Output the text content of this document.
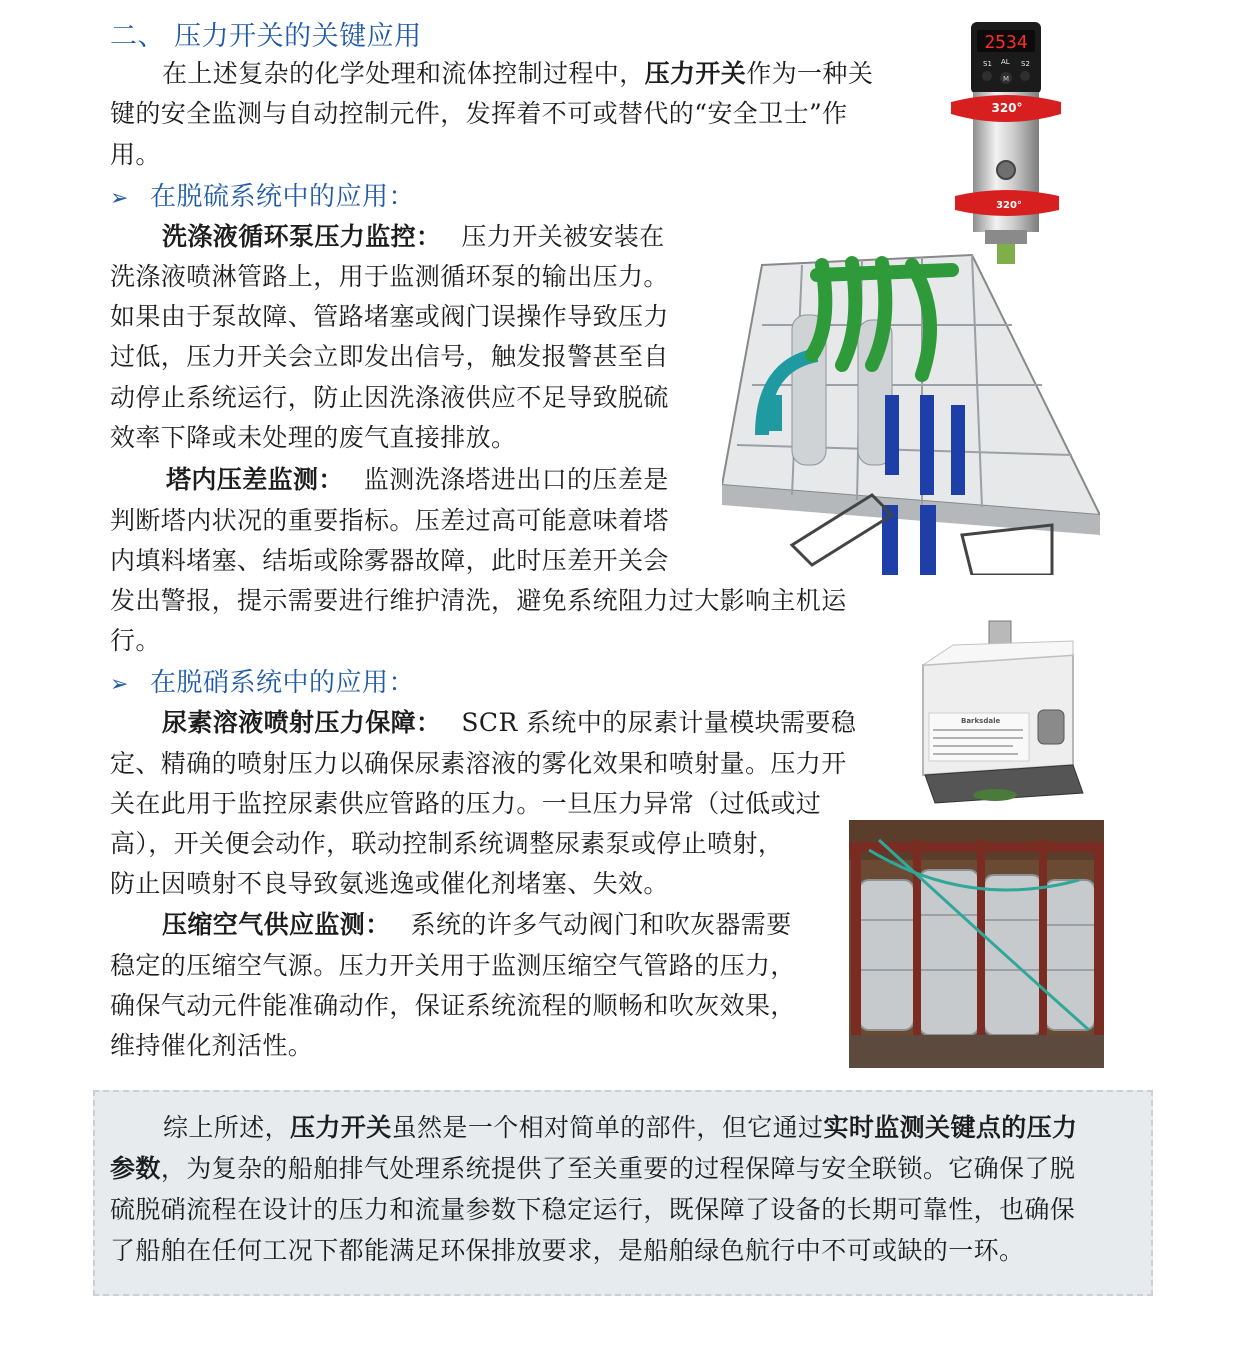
二、 压力开关的关键应用

在上述复杂的化学处理和流体控制过程中，压力开关作为一种关

键的安全监测与自动控制元件，发挥着不可或替代的“安全卫士”作

用。

➢ 在脱硫系统中的应用：

洗涤液循环泵压力监控： 压力开关被安装在

洗涤液喷淋管路上，用于监测循环泵的输出压力。

如果由于泵故障、管路堵塞或阀门误操作导致压力

过低，压力开关会立即发出信号，触发报警甚至自

动停止系统运行，防止因洗涤液供应不足导致脱硫

效率下降或未处理的废气直接排放。

塔内压差监测： 监测洗涤塔进出口的压差是

判断塔内状况的重要指标。压差过高可能意味着塔

内填料堵塞、结垢或除雾器故障，此时压差开关会

发出警报，提示需要进行维护清洗，避免系统阻力过大影响主机运

行。

➢ 在脱硝系统中的应用：

尿素溶液喷射压力保障： SCR 系统中的尿素计量模块需要稳

定、精确的喷射压力以确保尿素溶液的雾化效果和喷射量。压力开

关在此用于监控尿素供应管路的压力。一旦压力异常（过低或过

高），开关便会动作，联动控制系统调整尿素泵或停止喷射，

防止因喷射不良导致氨逃逸或催化剂堵塞、失效。

压缩空气供应监测： 系统的许多气动阀门和吹灰器需要

稳定的压缩空气源。压力开关用于监测压缩空气管路的压力，

确保气动元件能准确动作，保证系统流程的顺畅和吹灰效果，

维持催化剂活性。

2534
S1 AL S2
M
320°
320°
Barksdale

综上所述，压力开关虽然是一个相对简单的部件，但它通过实时监测关键点的压力

参数，为复杂的船舶排气处理系统提供了至关重要的过程保障与安全联锁。它确保了脱

硫脱硝流程在设计的压力和流量参数下稳定运行，既保障了设备的长期可靠性，也确保

了船舶在任何工况下都能满足环保排放要求，是船舶绿色航行中不可或缺的一环。
